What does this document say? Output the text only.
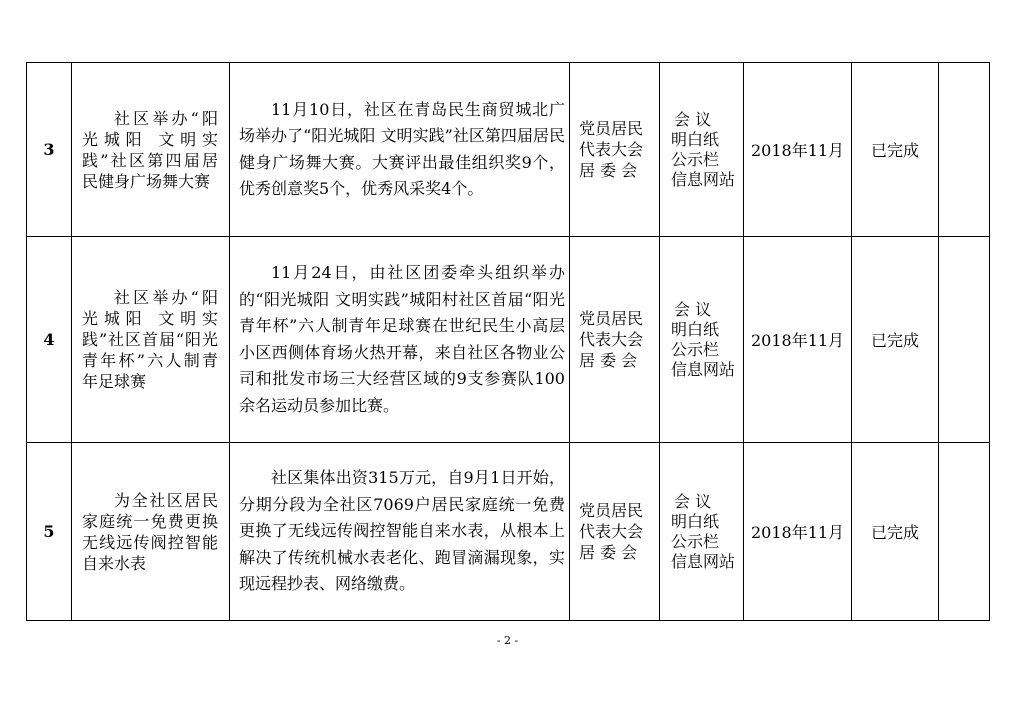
3	社区举办“阳光城阳 文明实践”社区第四届居民健身广场舞大赛	11月10日，社区在青岛民生商贸城北广场举办了“阳光城阳 文明实践”社区第四届居民健身广场舞大赛。大赛评出最佳组织奖9个，优秀创意奖5个，优秀风采奖4个。	党员居民
代表大会
居 委 会	会 议
明白纸
公示栏
信息网站	2018年11月	已完成	
4	社区举办“阳光城阳 文明实践”社区首届“阳光青年杯”六人制青年足球赛	11月24日，由社区团委牵头组织举办的“阳光城阳 文明实践”城阳村社区首届“阳光青年杯”六人制青年足球赛在世纪民生小高层小区西侧体育场火热开幕，来自社区各物业公司和批发市场三大经营区域的9支参赛队100余名运动员参加比赛。	党员居民
代表大会
居 委 会	会 议
明白纸
公示栏
信息网站	2018年11月	已完成	
5	为全社区居民家庭统一免费更换无线远传阀控智能自来水表	社区集体出资315万元，自9月1日开始，分期分段为全社区7069户居民家庭统一免费更换了无线远传阀控智能自来水表，从根本上解决了传统机械水表老化、跑冒滴漏现象，实现远程抄表、网络缴费。	党员居民
代表大会
居 委 会	会 议
明白纸
公示栏
信息网站	2018年11月	已完成	
- 2 -
